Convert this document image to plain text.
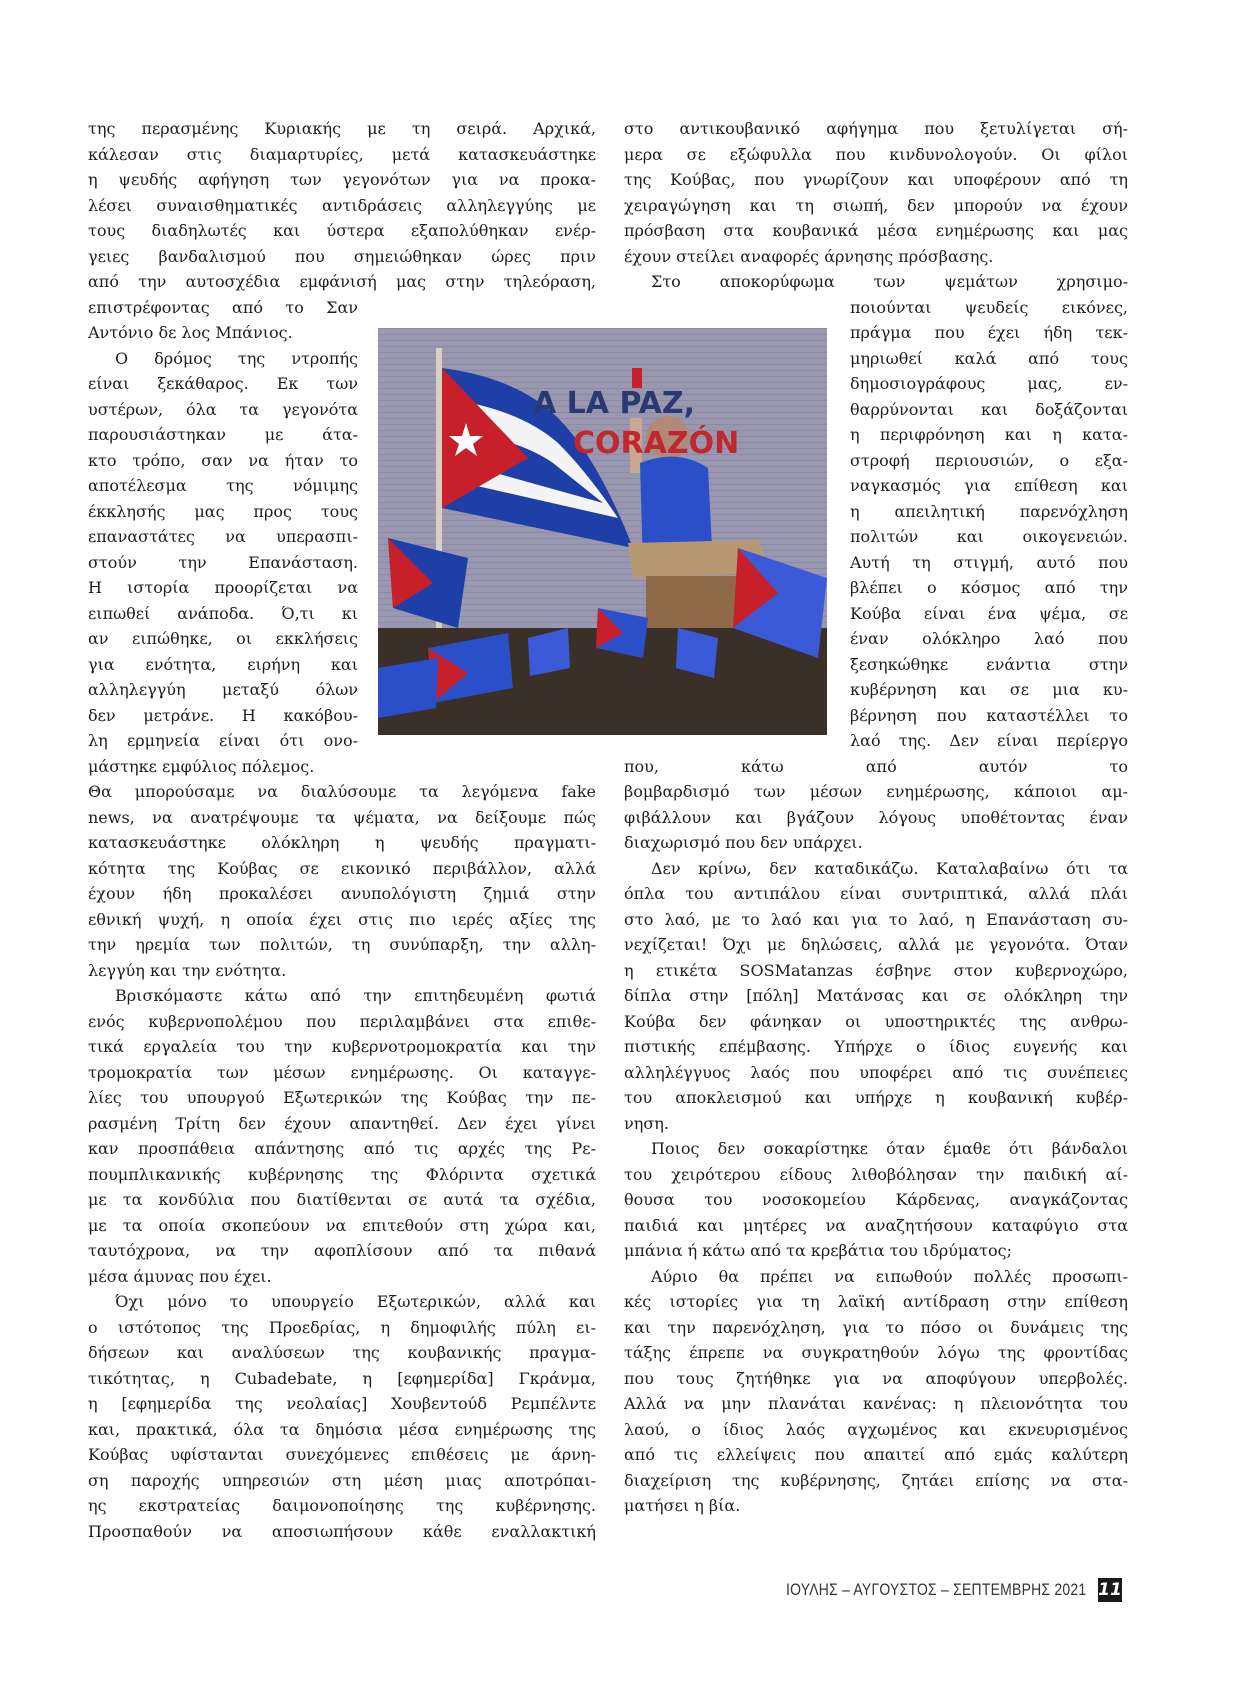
της περασμένης Κυριακής με τη σειρά. Αρχικά,
κάλεσαν στις διαμαρτυρίες, μετά κατασκευάστηκε
η ψευδής αφήγηση των γεγονότων για να προκα-
λέσει συναισθηματικές αντιδράσεις αλληλεγγύης με
τους διαδηλωτές και ύστερα εξαπολύθηκαν ενέρ-
γειες βανδαλισμού που σημειώθηκαν ώρες πριν
από την αυτοσχέδια εμφάνισή μας στην τηλεόραση,
επιστρέφοντας από το Σαν
Αντόνιο δε λος Μπάνιος.
Ο δρόμος της ντροπής
είναι ξεκάθαρος. Εκ των
υστέρων, όλα τα γεγονότα
παρουσιάστηκαν με άτα-
κτο τρόπο, σαν να ήταν το
αποτέλεσμα της νόμιμης
έκκλησής μας προς τους
επαναστάτες να υπερασπι-
στούν την Επανάσταση.
Η ιστορία προορίζεται να
ειπωθεί ανάποδα. Ό,τι κι
αν ειπώθηκε, οι εκκλήσεις
για ενότητα, ειρήνη και
αλληλεγγύη μεταξύ όλων
δεν μετράνε. Η κακόβου-
λη ερμηνεία είναι ότι ονο-
μάστηκε εμφύλιος πόλεμος.
Θα μπορούσαμε να διαλύσουμε τα λεγόμενα fake
news, να ανατρέψουμε τα ψέματα, να δείξουμε πώς
κατασκευάστηκε ολόκληρη η ψευδής πραγματι-
κότητα της Κούβας σε εικονικό περιβάλλον, αλλά
έχουν ήδη προκαλέσει ανυπολόγιστη ζημιά στην
εθνική ψυχή, η οποία έχει στις πιο ιερές αξίες της
την ηρεμία των πολιτών, τη συνύπαρξη, την αλλη-
λεγγύη και την ενότητα.
Βρισκόμαστε κάτω από την επιτηδευμένη φωτιά
ενός κυβερνοπολέμου που περιλαμβάνει στα επιθε-
τικά εργαλεία του την κυβερνοτρομοκρατία και την
τρομοκρατία των μέσων ενημέρωσης. Οι καταγγε-
λίες του υπουργού Εξωτερικών της Κούβας την πε-
ρασμένη Τρίτη δεν έχουν απαντηθεί. Δεν έχει γίνει
καν προσπάθεια απάντησης από τις αρχές της Ρε-
πουμπλικανικής κυβέρνησης της Φλόριντα σχετικά
με τα κονδύλια που διατίθενται σε αυτά τα σχέδια,
με τα οποία σκοπεύουν να επιτεθούν στη χώρα και,
ταυτόχρονα, να την αφοπλίσουν από τα πιθανά
μέσα άμυνας που έχει.
Όχι μόνο το υπουργείο Εξωτερικών, αλλά και
ο ιστότοπος της Προεδρίας, η δημοφιλής πύλη ει-
δήσεων και αναλύσεων της κουβανικής πραγμα-
τικότητας, η Cubadebate, η [εφημερίδα] Γκράνμα,
η [εφημερίδα της νεολαίας] Χουβεντούδ Ρεμπέλντε
και, πρακτικά, όλα τα δημόσια μέσα ενημέρωσης της
Κούβας υφίστανται συνεχόμενες επιθέσεις με άρνη-
ση παροχής υπηρεσιών στη μέση μιας αποτρόπαι-
ης εκστρατείας δαιμονοποίησης της κυβέρνησης.
Προσπαθούν να αποσιωπήσουν κάθε εναλλακτική
στο αντικουβανικό αφήγημα που ξετυλίγεται σή-
μερα σε εξώφυλλα που κινδυνολογούν. Οι φίλοι
της Κούβας, που γνωρίζουν και υποφέρουν από τη
χειραγώγηση και τη σιωπή, δεν μπορούν να έχουν
πρόσβαση στα κουβανικά μέσα ενημέρωσης και μας
έχουν στείλει αναφορές άρνησης πρόσβασης.
Στο αποκορύφωμα των ψεμάτων χρησιμο-
ποιούνται ψευδείς εικόνες,
πράγμα που έχει ήδη τεκ-
μηριωθεί καλά από τους
δημοσιογράφους μας, εν-
θαρρύνονται και δοξάζονται
η περιφρόνηση και η κατα-
στροφή περιουσιών, ο εξα-
ναγκασμός για επίθεση και
η απειλητική παρενόχληση
πολιτών και οικογενειών.
Αυτή τη στιγμή, αυτό που
βλέπει ο κόσμος από την
Κούβα είναι ένα ψέμα, σε
έναν ολόκληρο λαό που
ξεσηκώθηκε ενάντια στην
κυβέρνηση και σε μια κυ-
βέρνηση που καταστέλλει το
λαό της. Δεν είναι περίεργο
που, κάτω από αυτόν το
βομβαρδισμό των μέσων ενημέρωσης, κάποιοι αμ-
φιβάλλουν και βγάζουν λόγους υποθέτοντας έναν
διαχωρισμό που δεν υπάρχει.
Δεν κρίνω, δεν καταδικάζω. Καταλαβαίνω ότι τα
όπλα του αντιπάλου είναι συντριπτικά, αλλά πλάι
στο λαό, με το λαό και για το λαό, η Επανάσταση συ-
νεχίζεται! Όχι με δηλώσεις, αλλά με γεγονότα. Όταν
η ετικέτα SOSMatanzas έσβηνε στον κυβερνοχώρο,
δίπλα στην [πόλη] Ματάνσας και σε ολόκληρη την
Κούβα δεν φάνηκαν οι υποστηρικτές της ανθρω-
πιστικής επέμβασης. Υπήρχε ο ίδιος ευγενής και
αλληλέγγυος λαός που υποφέρει από τις συνέπειες
του αποκλεισμού και υπήρχε η κουβανική κυβέρ-
νηση.
Ποιος δεν σοκαρίστηκε όταν έμαθε ότι βάνδαλοι
του χειρότερου είδους λιθοβόλησαν την παιδική αί-
θουσα του νοσοκομείου Κάρδενας, αναγκάζοντας
παιδιά και μητέρες να αναζητήσουν καταφύγιο στα
μπάνια ή κάτω από τα κρεβάτια του ιδρύματος;
Αύριο θα πρέπει να ειπωθούν πολλές προσωπι-
κές ιστορίες για τη λαϊκή αντίδραση στην επίθεση
και την παρενόχληση, για το πόσο οι δυνάμεις της
τάξης έπρεπε να συγκρατηθούν λόγω της φροντίδας
που τους ζητήθηκε για να αποφύγουν υπερβολές.
Αλλά να μην πλανάται κανένας: η πλειονότητα του
λαού, ο ίδιος λαός αγχωμένος και εκνευρισμένος
από τις ελλείψεις που απαιτεί από εμάς καλύτερη
διαχείριση της κυβέρνησης, ζητάει επίσης να στα-
ματήσει η βία.
A LA PAZ,
CORAZÓN
ΙΟΥΛΗΣ – ΑΥΓΟΥΣΤΟΣ – ΣΕΠΤΕΜΒΡΗΣ 2021 11
